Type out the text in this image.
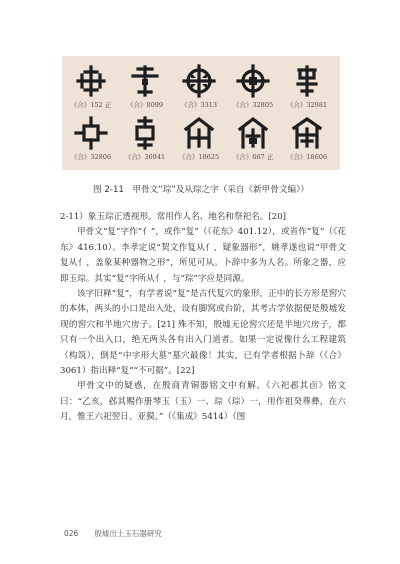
《合》152 正	《合》8099	《合》3313	《合》32805	《合》32981
《合》32806	《合》36941	《合》18625	《合》667 正	《合》18606
图 2-11　甲骨文“琮”及从琮之字（采自《新甲骨文编》）

2-11）象玉琮正透视形。常用作人名、地名和祭祀名。[20]

甲骨文“复”字作“亻”，或作“复”（《花东》401.12），或省作“复”（《花东》416.10）。李孝定说“契文作复从亻，疑象器形”，姚孝遂也说“甲骨文复从亻，盖象某种器物之形”，所见可从。卜辞中多为人名。所象之器，应即玉琮。其实“复”字所从亻，与“琮”字应是同源。

该字旧释“复”，有学者说“复”是古代复穴的象形，正中的长方形是窖穴的本体，两头的小口是出入处，设有脚窝或台阶，其考古学依据便是殷墟发现的窖穴和半地穴房子。[21] 殊不知，殷墟无论窖穴还是半地穴房子，都只有一个出入口，绝无两头各有出入门道者。如果一定说像什么工程建筑（构筑），倒是“中字形大墓”墓穴最像！其实，已有学者根据卜辞（《合》3061）指出释“复”“不可据”。[22]

甲骨文中的疑惑，在殷商青铜器铭文中有解。《六祀邲其卣》铭文曰：“乙亥，邲其赐作册琴玉（玉）一、琮（琮）一，用作祖癸尊彝，在六月，惟王六祀翌日。亚獏。”（《集成》5414）（图

026 殷墟出土玉石器研究
